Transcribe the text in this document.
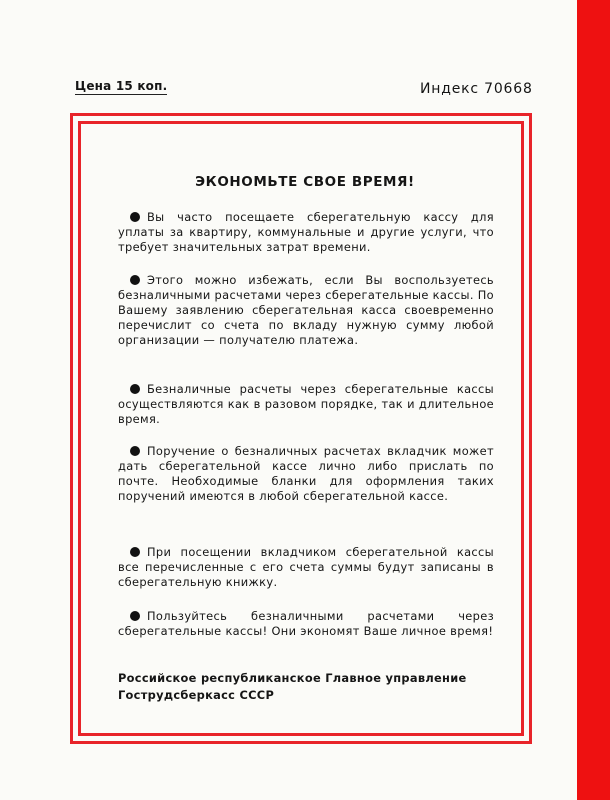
Цена 15 коп.	Индекс 70668
ЭКОНОМЬТЕ СВОЕ ВРЕМЯ!
Вы часто посещаете сберегательную кассу для уплаты за квартиру, коммунальные и другие услуги, что требует значительных затрат времени.
Этого можно избежать, если Вы воспользуетесь безналичными расчетами через сберегательные кассы. По Вашему заявлению сберегательная касса своевременно перечислит со счета по вкладу нужную сумму любой организации — получателю платежа.
Безналичные расчеты через сберегательные кассы осуществляются как в разовом порядке, так и длительное время.
Поручение о безналичных расчетах вкладчик может дать сберегательной кассе лично либо прислать по почте. Необходимые бланки для оформления таких поручений имеются в любой сберегательной кассе.
При посещении вкладчиком сберегательной кассы все перечисленные с его счета суммы будут записаны в сберегательную книжку.
Пользуйтесь безналичными расчетами через сберегательные кассы! Они экономят Ваше личное время!
Российское республиканское Главное управление Гострудсберкасс СССР
